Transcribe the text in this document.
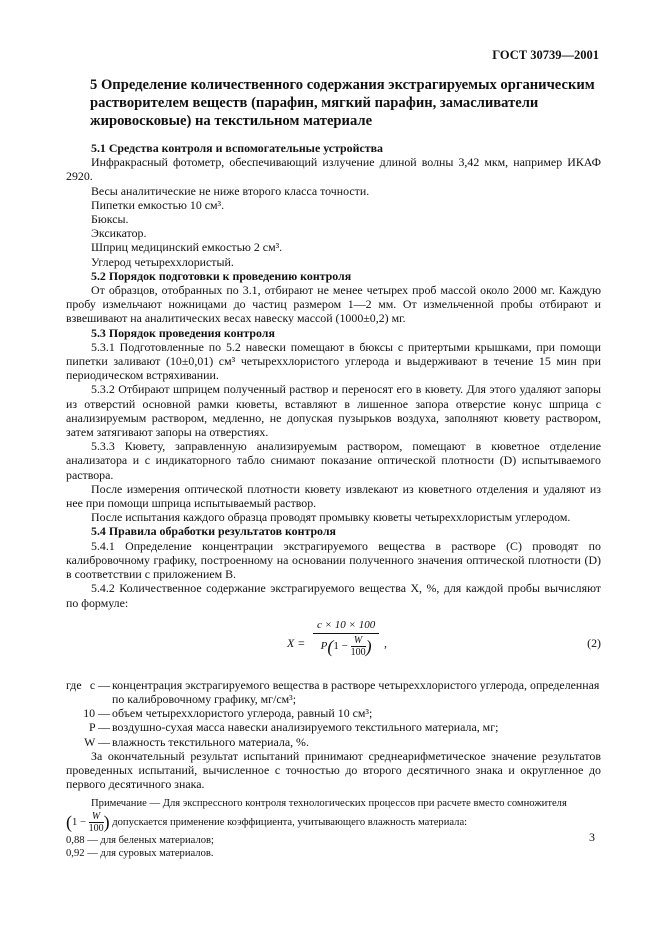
ГОСТ 30739—2001
5 Определение количественного содержания экстрагируемых органическим растворителем веществ (парафин, мягкий парафин, замасливатели жировосковые) на текстильном материале

5.1 Средства контроля и вспомогательные устройства

Инфракрасный фотометр, обеспечивающий излучение длиной волны 3,42 мкм, например ИКАФ 2920.

Весы аналитические не ниже второго класса точности.

Пипетки емкостью 10 см³.

Бюксы.

Эксикатор.

Шприц медицинский емкостью 2 см³.

Углерод четыреххлористый.

5.2 Порядок подготовки к проведению контроля

От образцов, отобранных по 3.1, отбирают не менее четырех проб массой около 2000 мг. Каждую пробу измельчают ножницами до частиц размером 1—2 мм. От измельченной пробы отбирают и взвешивают на аналитических весах навеску массой (1000±0,2) мг.

5.3 Порядок проведения контроля

5.3.1 Подготовленные по 5.2 навески помещают в бюксы с притертыми крышками, при помощи пипетки заливают (10±0,01) см³ четыреххлористого углерода и выдерживают в течение 15 мин при периодическом встряхивании.

5.3.2 Отбирают шприцем полученный раствор и переносят его в кювету. Для этого удаляют запоры из отверстий основной рамки кюветы, вставляют в лишенное запора отверстие конус шприца с анализируемым раствором, медленно, не допуская пузырьков воздуха, заполняют кювету раствором, затем затягивают запоры на отверстиях.

5.3.3 Кювету, заправленную анализируемым раствором, помещают в кюветное отделение анализатора и с индикаторного табло снимают показание оптической плотности (D) испытываемого раствора.

После измерения оптической плотности кювету извлекают из кюветного отделения и удаляют из нее при помощи шприца испытываемый раствор.

После испытания каждого образца проводят промывку кюветы четыреххлористым углеродом.

5.4 Правила обработки результатов контроля

5.4.1 Определение концентрации экстрагируемого вещества в растворе (С) проводят по калибровочному графику, построенному на основании полученного значения оптической плотности (D) в соответствии с приложением В.

5.4.2 Количественное содержание экстрагируемого вещества X, %, для каждой пробы вычисляют по формуле:

X =
c × 10 × 100
$P(1 - \frac{W}{100}$ )	,	(2)
где c — концентрация экстрагируемого вещества в растворе четыреххлористого углерода, определенная по калибровочному графику, мг/см³;
10 — объем четыреххлористого углерода, равный 10 см³;
P — воздушно-сухая масса навески анализируемого текстильного материала, мг;
W — влажность текстильного материала, %.

За окончательный результат испытаний принимают среднеарифметическое значение результатов проведенных испытаний, вычисленное с точностью до второго десятичного знака и округленное до первого десятичного знака.

Примечание — Для экспрессного контроля технологических процессов при расчете вместо сомножителя

($1 - \frac{W}{100}$ ) допускается применение коэффициента, учитывающего влажность материала:

0,88 — для беленых материалов;

0,92 — для суровых материалов.

3
